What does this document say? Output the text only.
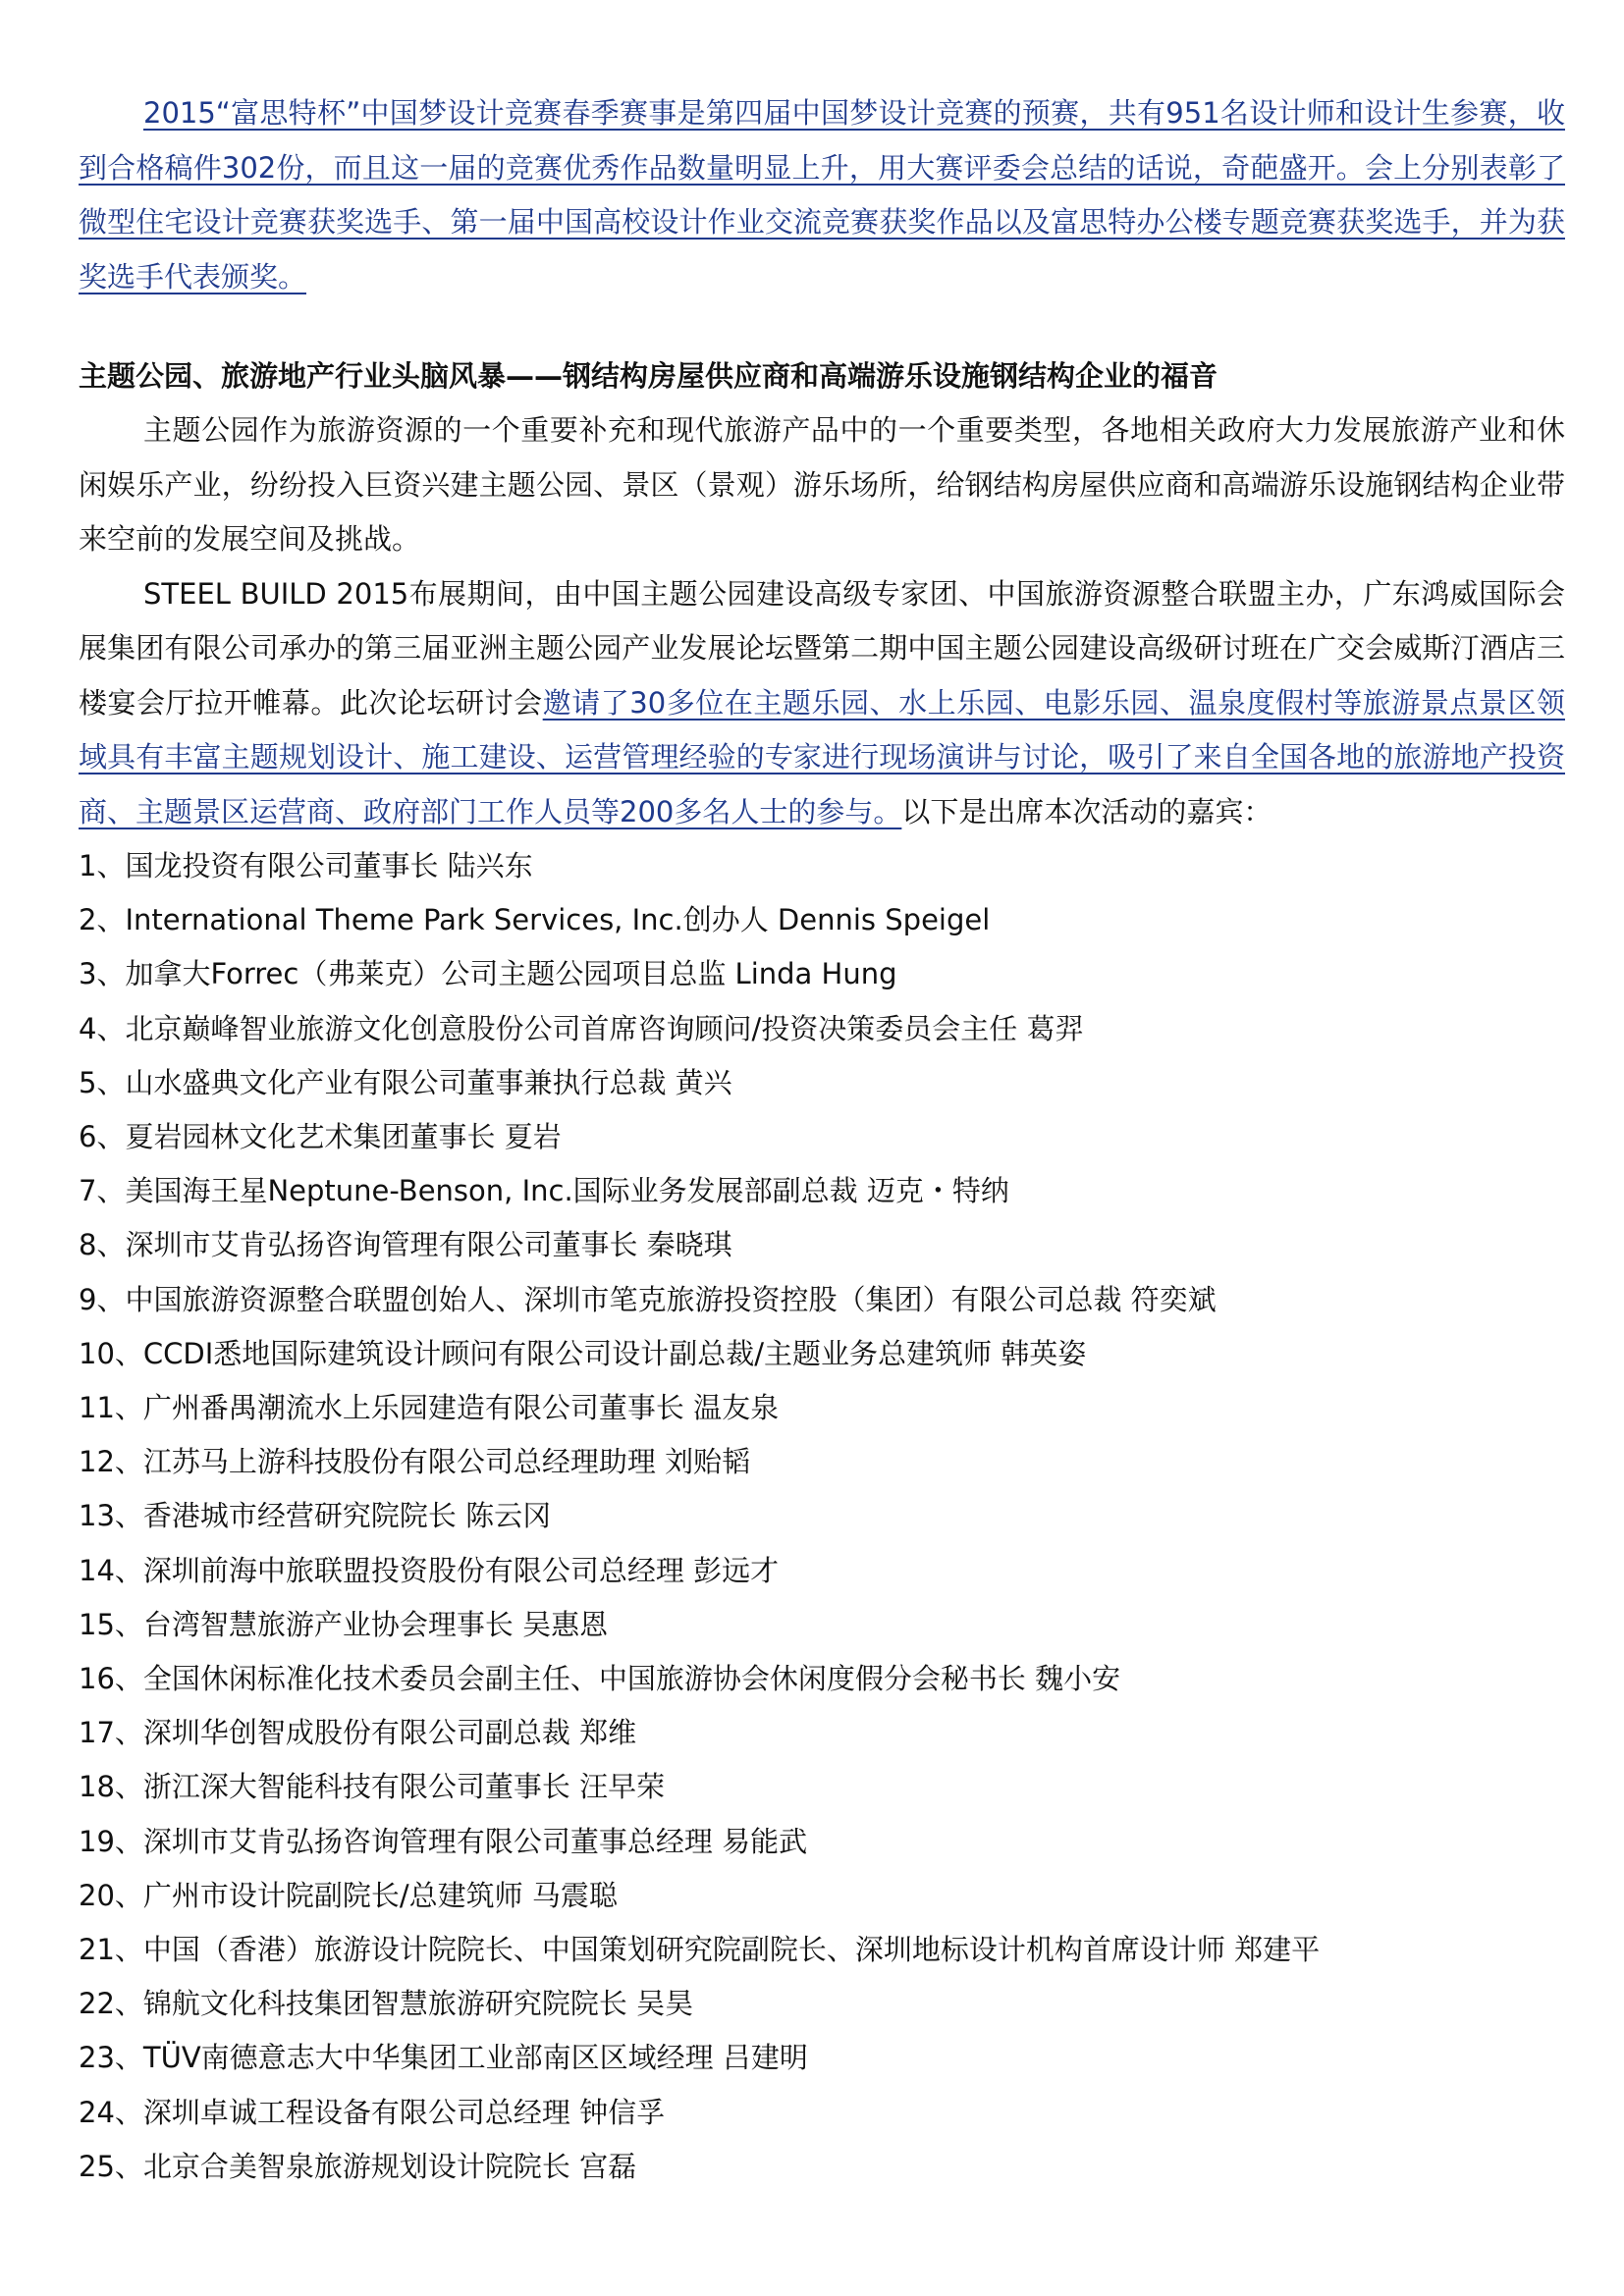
2015“富思特杯”中国梦设计竞赛春季赛事是第四届中国梦设计竞赛的预赛，共有951名设计师和设计生参赛，收到合格稿件302份，而且这一届的竞赛优秀作品数量明显上升，用大赛评委会总结的话说，奇葩盛开。会上分别表彰了微型住宅设计竞赛获奖选手、第一届中国高校设计作业交流竞赛获奖作品以及富思特办公楼专题竞赛获奖选手，并为获奖选手代表颁奖。

主题公园、旅游地产行业头脑风暴——钢结构房屋供应商和高端游乐设施钢结构企业的福音

主题公园作为旅游资源的一个重要补充和现代旅游产品中的一个重要类型，各地相关政府大力发展旅游产业和休闲娱乐产业，纷纷投入巨资兴建主题公园、景区（景观）游乐场所，给钢结构房屋供应商和高端游乐设施钢结构企业带来空前的发展空间及挑战。

STEEL BUILD 2015布展期间，由中国主题公园建设高级专家团、中国旅游资源整合联盟主办，广东鸿威国际会展集团有限公司承办的第三届亚洲主题公园产业发展论坛暨第二期中国主题公园建设高级研讨班在广交会威斯汀酒店三楼宴会厅拉开帷幕。此次论坛研讨会邀请了30多位在主题乐园、水上乐园、电影乐园、温泉度假村等旅游景点景区领域具有丰富主题规划设计、施工建设、运营管理经验的专家进行现场演讲与讨论，吸引了来自全国各地的旅游地产投资商、主题景区运营商、政府部门工作人员等200多名人士的参与。以下是出席本次活动的嘉宾：

1、国龙投资有限公司董事长 陆兴东
2、International Theme Park Services, Inc.创办人 Dennis Speigel
3、加拿大Forrec（弗莱克）公司主题公园项目总监 Linda Hung
4、北京巅峰智业旅游文化创意股份公司首席咨询顾问/投资决策委员会主任 葛羿
5、山水盛典文化产业有限公司董事兼执行总裁 黄兴
6、夏岩园林文化艺术集团董事长 夏岩
7、美国海王星Neptune-Benson, Inc.国际业务发展部副总裁 迈克・特纳
8、深圳市艾肯弘扬咨询管理有限公司董事长 秦晓琪
9、中国旅游资源整合联盟创始人、深圳市笔克旅游投资控股（集团）有限公司总裁 符奕斌
10、CCDI悉地国际建筑设计顾问有限公司设计副总裁/主题业务总建筑师 韩英姿
11、广州番禺潮流水上乐园建造有限公司董事长 温友泉
12、江苏马上游科技股份有限公司总经理助理 刘贻韬
13、香港城市经营研究院院长 陈云冈
14、深圳前海中旅联盟投资股份有限公司总经理 彭远才
15、台湾智慧旅游产业协会理事长 吴惠恩
16、全国休闲标准化技术委员会副主任、中国旅游协会休闲度假分会秘书长 魏小安
17、深圳华创智成股份有限公司副总裁 郑维
18、浙江深大智能科技有限公司董事长 汪早荣
19、深圳市艾肯弘扬咨询管理有限公司董事总经理 易能武
20、广州市设计院副院长/总建筑师 马震聪
21、中国（香港）旅游设计院院长、中国策划研究院副院长、深圳地标设计机构首席设计师 郑建平
22、锦航文化科技集团智慧旅游研究院院长 吴昊
23、TÜV南德意志大中华集团工业部南区区域经理 吕建明
24、深圳卓诚工程设备有限公司总经理 钟信孚
25、北京合美智泉旅游规划设计院院长 宫磊
